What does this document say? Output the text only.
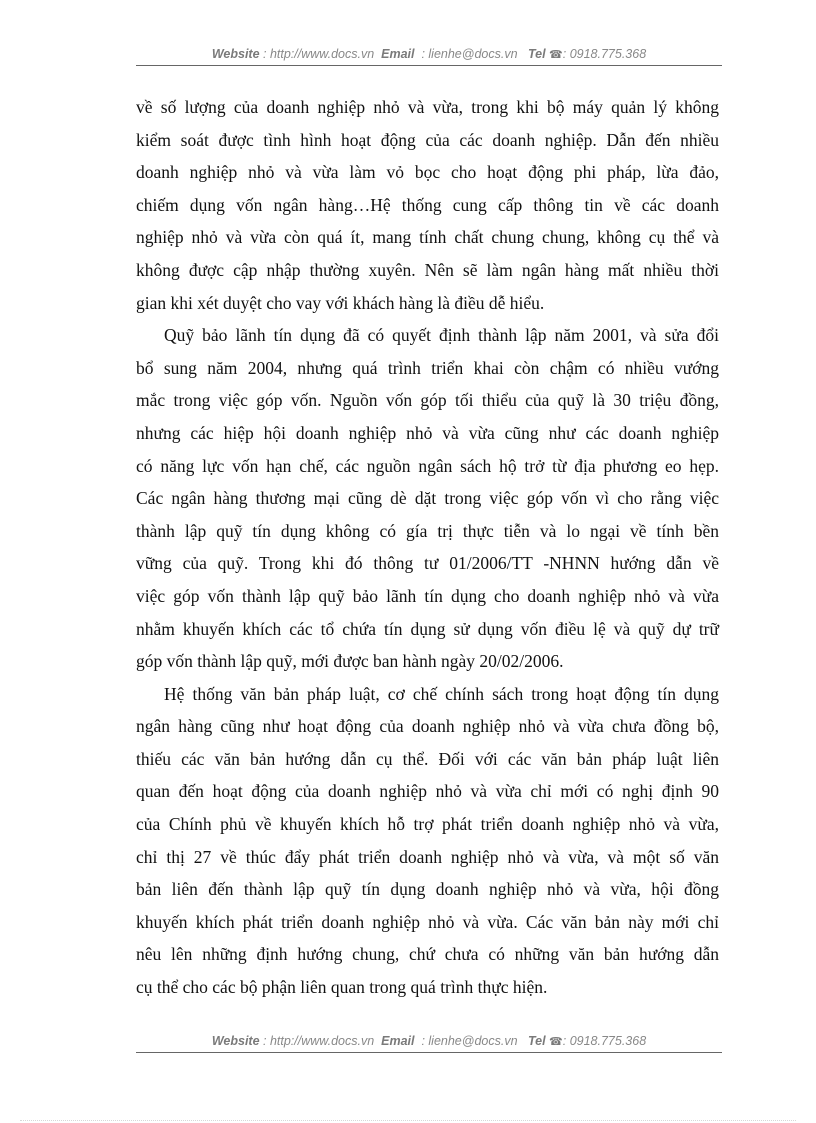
Website : http://www.docs.vn Email : lienhe@docs.vn Tel ☎: 0918.775.368

về số lượng của doanh nghiệp nhỏ và vừa, trong khi bộ máy quản lý không
kiểm soát được tình hình hoạt động của các doanh nghiệp. Dẫn đến nhiều
doanh nghiệp nhỏ và vừa làm vỏ bọc cho hoạt động phi pháp, lừa đảo,
chiếm dụng vốn ngân hàng…Hệ thống cung cấp thông tin về các doanh
nghiệp nhỏ và vừa còn quá ít, mang tính chất chung chung, không cụ thể và
không được cập nhập thường xuyên. Nên sẽ làm ngân hàng mất nhiều thời
gian khi xét duyệt cho vay với khách hàng là điều dễ hiểu.

Quỹ bảo lãnh tín dụng đã có quyết định thành lập năm 2001, và sửa đổi
bổ sung năm 2004, nhưng quá trình triển khai còn chậm có nhiều vướng
mắc trong việc góp vốn. Nguồn vốn góp tối thiểu của quỹ là 30 triệu đồng,
nhưng các hiệp hội doanh nghiệp nhỏ và vừa cũng như các doanh nghiệp
có năng lực vốn hạn chế, các nguồn ngân sách hộ trở từ địa phương eo hẹp.
Các ngân hàng thương mại cũng dè dặt trong việc góp vốn vì cho rằng việc
thành lập quỹ tín dụng không có gía trị thực tiễn và lo ngại về tính bền
vững của quỹ. Trong khi đó thông tư 01/2006/TT -NHNN hướng dẫn về
việc góp vốn thành lập quỹ bảo lãnh tín dụng cho doanh nghiệp nhỏ và vừa
nhằm khuyến khích các tổ chứa tín dụng sử dụng vốn điều lệ và quỹ dự trữ
góp vốn thành lập quỹ, mới được ban hành ngày 20/02/2006.

Hệ thống văn bản pháp luật, cơ chế chính sách trong hoạt động tín dụng
ngân hàng cũng như hoạt động của doanh nghiệp nhỏ và vừa chưa đồng bộ,
thiếu các văn bản hướng dẫn cụ thể. Đối với các văn bản pháp luật liên
quan đến hoạt động của doanh nghiệp nhỏ và vừa chỉ mới có nghị định 90
của Chính phủ về khuyến khích hỗ trợ phát triển doanh nghiệp nhỏ và vừa,
chỉ thị 27 về thúc đẩy phát triển doanh nghiệp nhỏ và vừa, và một số văn
bản liên đến thành lập quỹ tín dụng doanh nghiệp nhỏ và vừa, hội đồng
khuyến khích phát triển doanh nghiệp nhỏ và vừa. Các văn bản này mới chỉ
nêu lên những định hướng chung, chứ chưa có những văn bản hướng dẫn
cụ thể cho các bộ phận liên quan trong quá trình thực hiện.

Website : http://www.docs.vn Email : lienhe@docs.vn Tel ☎: 0918.775.368
